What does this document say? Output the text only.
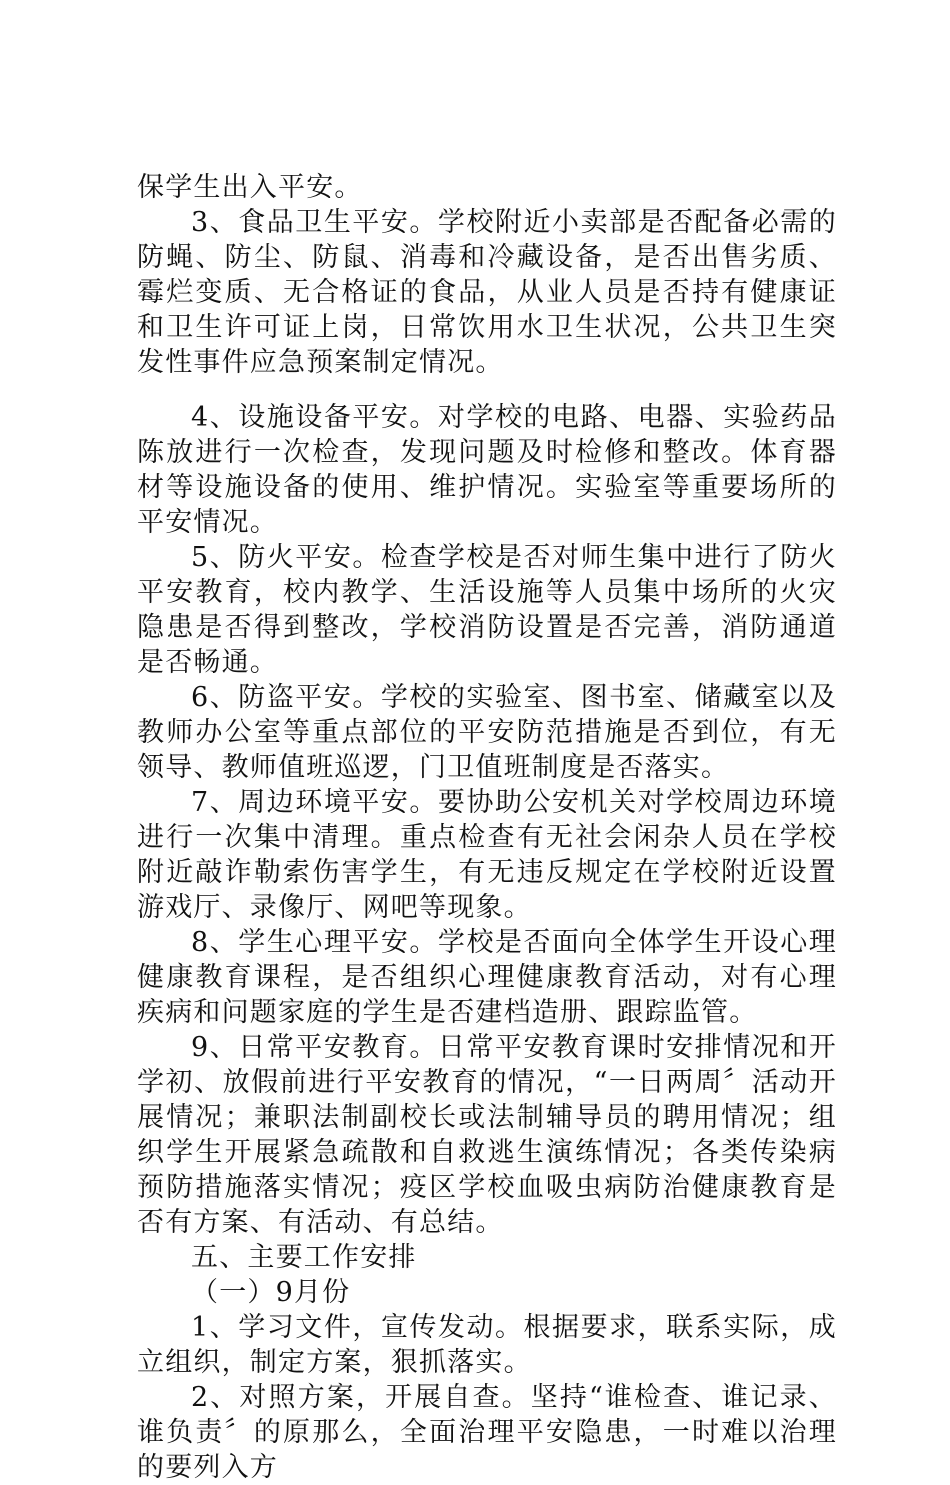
保学生出入平安。

3、食品卫生平安。学校附近小卖部是否配备必需的防蝇、防尘、防鼠、消毒和冷藏设备，是否出售劣质、霉烂变质、无合格证的食品，从业人员是否持有健康证和卫生许可证上岗，日常饮用水卫生状况，公共卫生突发性事件应急预案制定情况。

4、设施设备平安。对学校的电路、电器、实验药品陈放进行一次检查，发现问题及时检修和整改。体育器材等设施设备的使用、维护情况。实验室等重要场所的平安情况。

5、防火平安。检查学校是否对师生集中进行了防火平安教育，校内教学、生活设施等人员集中场所的火灾隐患是否得到整改，学校消防设置是否完善，消防通道是否畅通。

6、防盗平安。学校的实验室、图书室、储藏室以及教师办公室等重点部位的平安防范措施是否到位，有无领导、教师值班巡逻，门卫值班制度是否落实。

7、周边环境平安。要协助公安机关对学校周边环境进行一次集中清理。重点检查有无社会闲杂人员在学校附近敲诈勒索伤害学生，有无违反规定在学校附近设置游戏厅、录像厅、网吧等现象。

8、学生心理平安。学校是否面向全体学生开设心理健康教育课程，是否组织心理健康教育活动，对有心理疾病和问题家庭的学生是否建档造册、跟踪监管。

9、日常平安教育。日常平安教育课时安排情况和开学初、放假前进行平安教育的情况，“一日两周〞活动开展情况；兼职法制副校长或法制辅导员的聘用情况；组织学生开展紧急疏散和自救逃生演练情况；各类传染病预防措施落实情况；疫区学校血吸虫病防治健康教育是否有方案、有活动、有总结。

五、主要工作安排

（一）9月份

1、学习文件，宣传发动。根据要求，联系实际，成立组织，制定方案，狠抓落实。

2、对照方案，开展自查。坚持“谁检查、谁记录、谁负责〞的原那么，全面治理平安隐患，一时难以治理的要列入方
